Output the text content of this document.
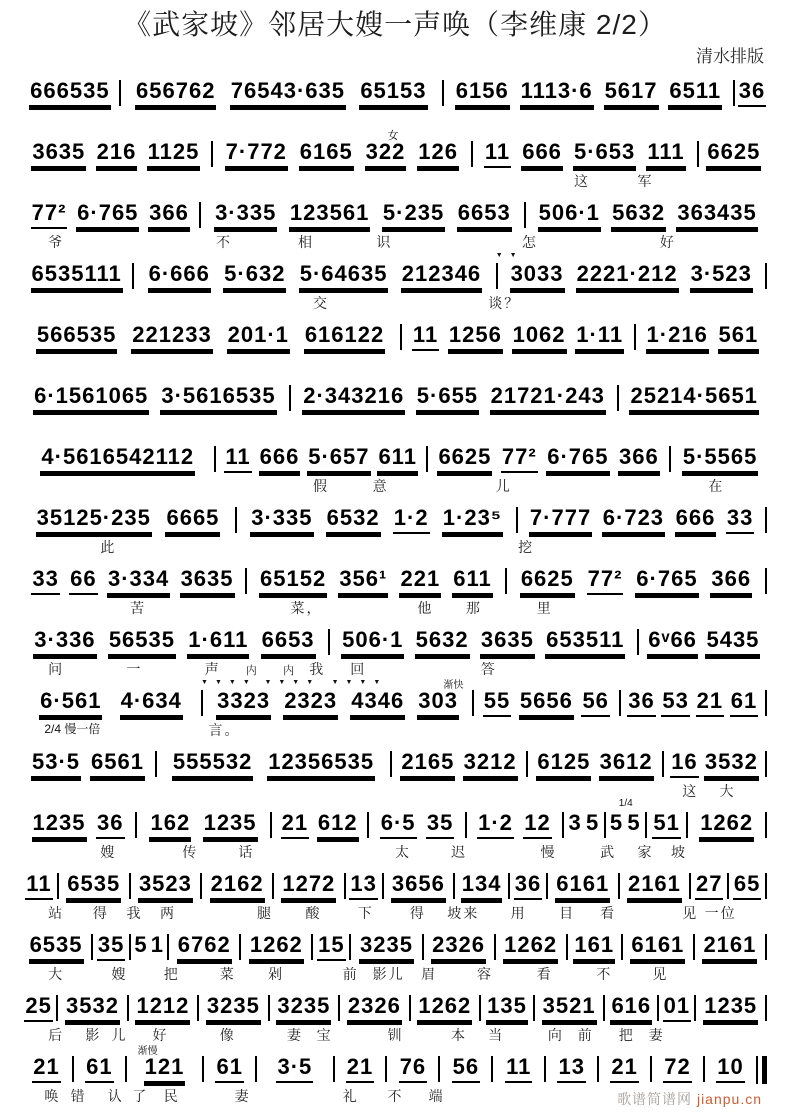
《武家坡》邻居大嫂一声唤（李维康 2/2）
清水排版
666535 656762 76543·635 65153 6156 1113·6 5617 6511 36
女
3635 216 1125 7·772 6165 322 126 11 666 5·653 111 6625
这	军
77² 6·765 366 3·335 123561 5·235 6653 506·1 5632 363435
爷	不	相	识	怎	好
▼▼
6535111 6·666 5·632 5·64635 212346 3033 2221·212 3·523
交	谈？
566535 221233 201·1 616122 11 1256 1062 1·11 1·216 561
6·1561065 3·5616535 2·343216 5·655 21721·243 25214·5651
4·5616542112 11 666 5·657 611 6625 77² 6·765 366 5·5565
假	意	儿	在
35125·235 6665 3·335 6532 1·2 1·23⁵ 7·777 6·723 666 33
此	挖
33 66 3·334 3635 65152 356¹ 221 611 6625 77² 6·765 366
苦	菜，	他 那	里
3·336 56535 1·611 6653 506·1 5632 3635 653511 6ᵛ66 5435
问	一	声 内 内 我 回	答
▼▼▼▼ ▼▼▼▼ ▼▼▼▼	渐快
6·561 4·634 3323 2323 4346 303 55 5656 56 36 53 21 61
2/4 慢一倍	言。
53·5 6561 555532 12356535 2165 3212 6125 3612 16 3532
这 大
1/4
1235 36 162 1235 21 612 6·5 35 1·2 12 3 5 5 5 51 1262
嫂	传	话	太	迟	慢	武 家 坡
11 6535 3523 2162 1272 13 3656 134 36 6161 2161 27 65
站 得 我 两	腿 酸	下	得 坡来 用 目 看	见 一位
6535 35 5 1 6762 1262 15 3235 2326 1262 161 6161 2161
大	嫂	把	菜 剁	前 影儿 眉	容	看	不	见
25 3532 1212 3235 3235 2326 1262 135 3521 616 01 1235
后 影 儿 好	像	妻 宝	钏	本 当	向 前 把 妻
渐慢
21 61 121 61 3·5 21 76 56 11 13 21 72 10
唤 错 认 了 民	妻	礼 不 端	歌谱简谱网 jianpu.cn
